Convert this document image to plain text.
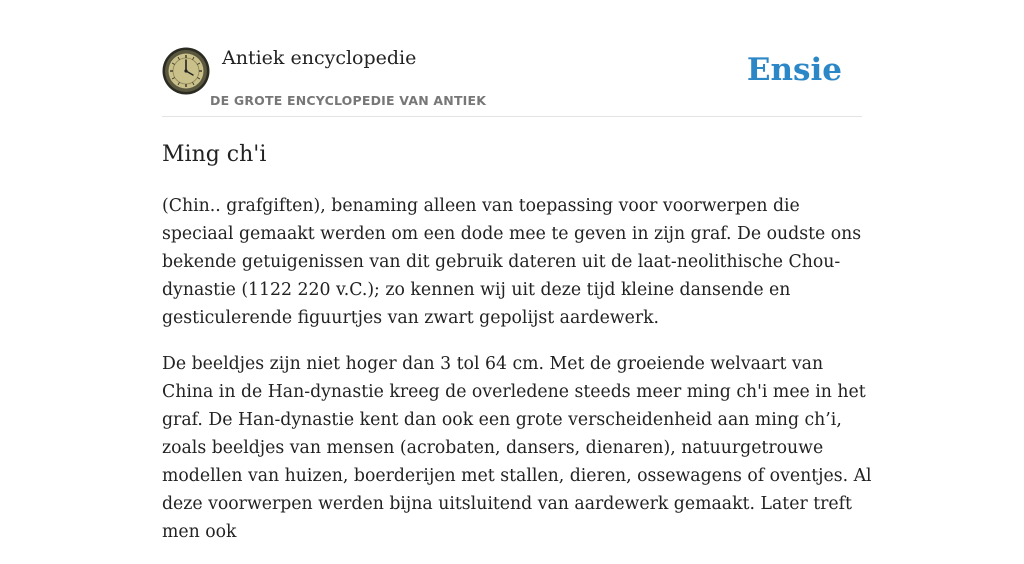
Antiek encyclopedie
DE GROTE ENCYCLOPEDIE VAN ANTIEK
Ensie
Ming ch'i

(Chin.. grafgiften), benaming alleen van toepassing voor voorwerpen die speciaal gemaakt werden om een dode mee te geven in zijn graf. De oudste ons bekende getuigenissen van dit gebruik dateren uit de laat-neolithische Chou-dynastie (1122 220 v.C.); zo kennen wij uit deze tijd kleine dansende en gesticulerende figuurtjes van zwart gepolijst aardewerk.

De beeldjes zijn niet hoger dan 3 tol 64 cm. Met de groeiende welvaart van China in de Han-dynastie kreeg de overledene steeds meer ming ch'i mee in het graf. De Han-dynastie kent dan ook een grote verscheidenheid aan ming ch’i, zoals beeldjes van mensen (acrobaten, dansers, dienaren), natuurgetrouwe modellen van huizen, boerderijen met stallen, dieren, ossewagens of oventjes. Al deze voorwerpen werden bijna uitsluitend van aardewerk gemaakt. Later treft men ook
